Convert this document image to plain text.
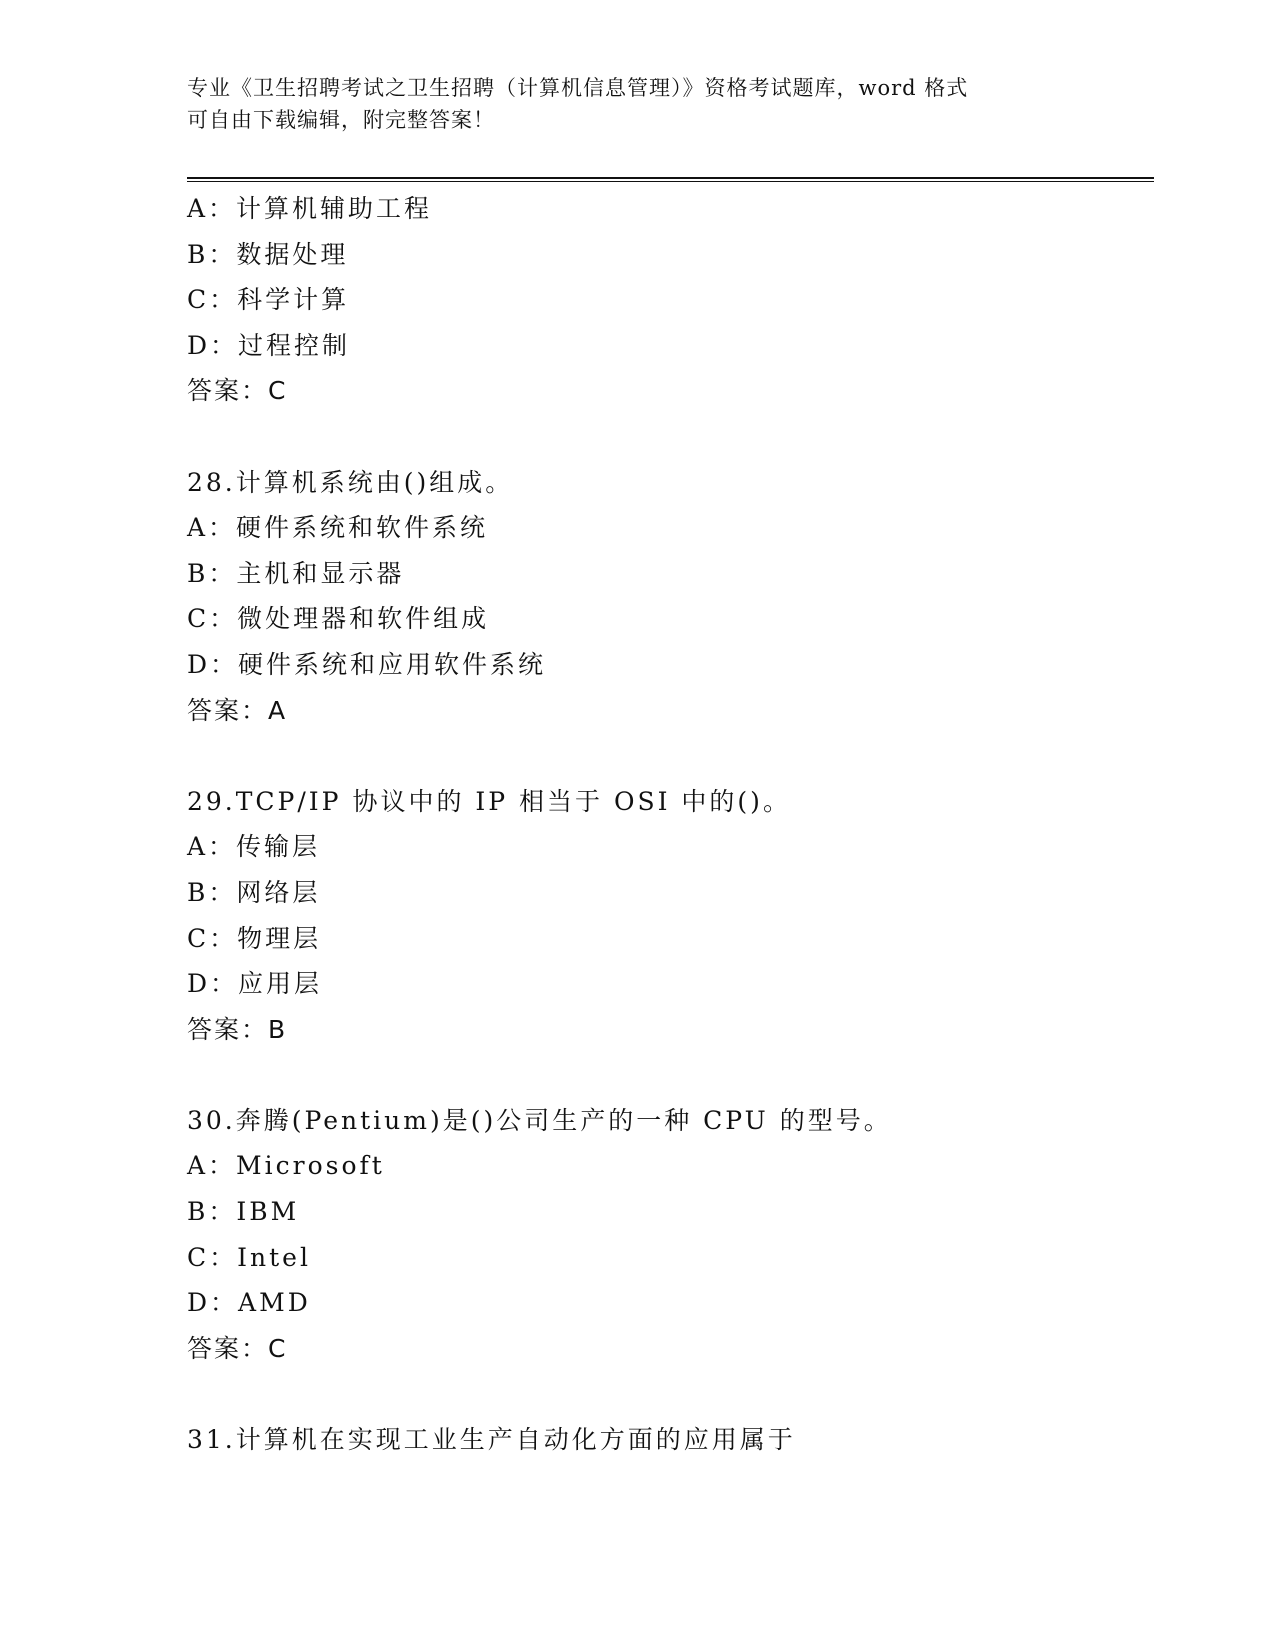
专业《卫生招聘考试之卫生招聘（计算机信息管理）》资格考试题库，word 格式
可自由下载编辑，附完整答案！
A：计算机辅助工程
B：数据处理
C：科学计算
D：过程控制
答案：C
28.计算机系统由()组成。
A：硬件系统和软件系统
B：主机和显示器
C：微处理器和软件组成
D：硬件系统和应用软件系统
答案：A
29.TCP/IP 协议中的 IP 相当于 OSI 中的()。
A：传输层
B：网络层
C：物理层
D：应用层
答案：B
30.奔腾(Pentium)是()公司生产的一种 CPU 的型号。
A：Microsoft
B：IBM
C：Intel
D：AMD
答案：C
31.计算机在实现工业生产自动化方面的应用属于
